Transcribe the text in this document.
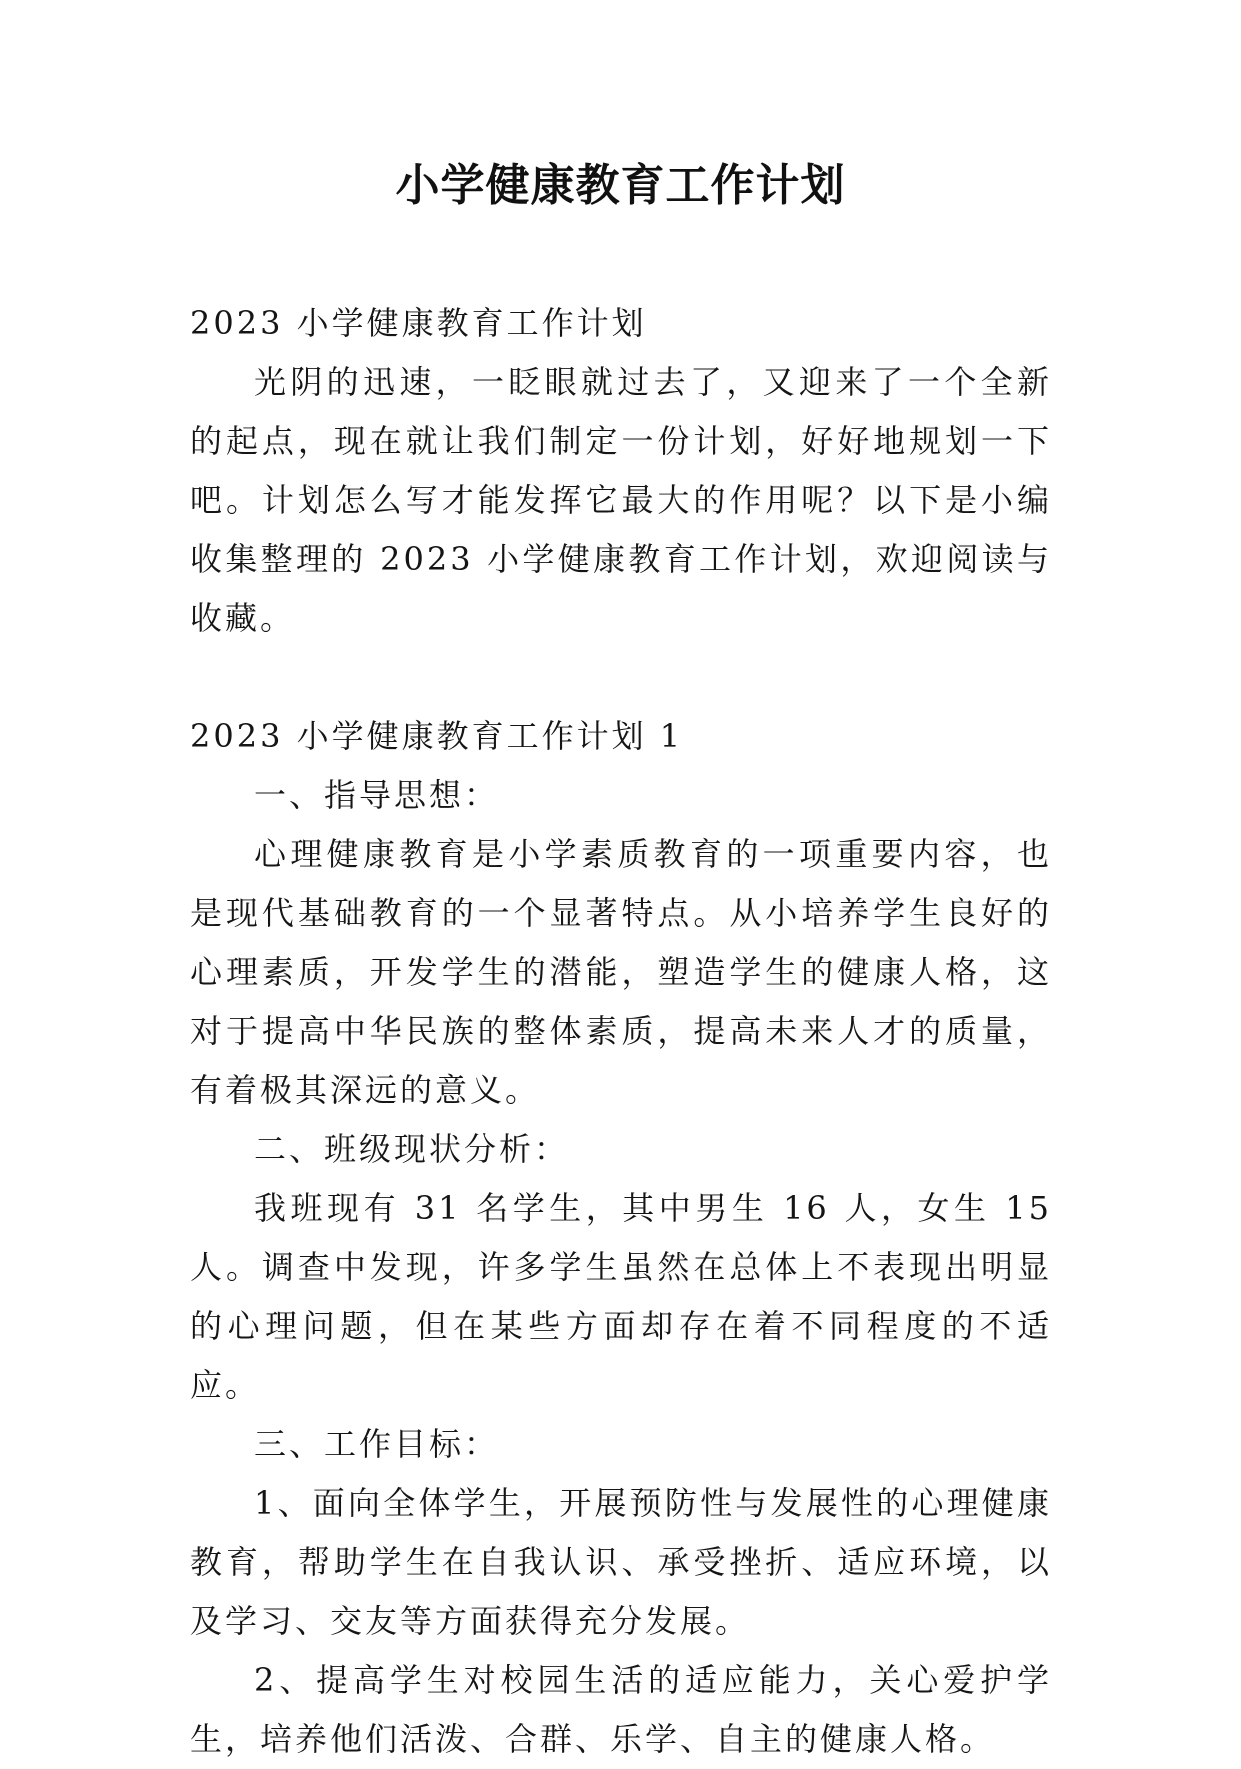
小学健康教育工作计划

2023 小学健康教育工作计划

光阴的迅速，一眨眼就过去了，又迎来了一个全新的起点，现在就让我们制定一份计划，好好地规划一下吧。计划怎么写才能发挥它最大的作用呢？以下是小编收集整理的 2023 小学健康教育工作计划，欢迎阅读与收藏。

2023 小学健康教育工作计划 1

一、指导思想：

心理健康教育是小学素质教育的一项重要内容，也是现代基础教育的一个显著特点。从小培养学生良好的心理素质，开发学生的潜能，塑造学生的健康人格，这对于提高中华民族的整体素质，提高未来人才的质量，有着极其深远的意义。

二、班级现状分析：

我班现有 31 名学生，其中男生 16 人，女生 15 人。调查中发现，许多学生虽然在总体上不表现出明显的心理问题，但在某些方面却存在着不同程度的不适应。

三、工作目标：

1、面向全体学生，开展预防性与发展性的心理健康教育，帮助学生在自我认识、承受挫折、适应环境，以及学习、交友等方面获得充分发展。

2、提高学生对校园生活的适应能力，关心爱护学生，培养他们活泼、合群、乐学、自主的健康人格。
